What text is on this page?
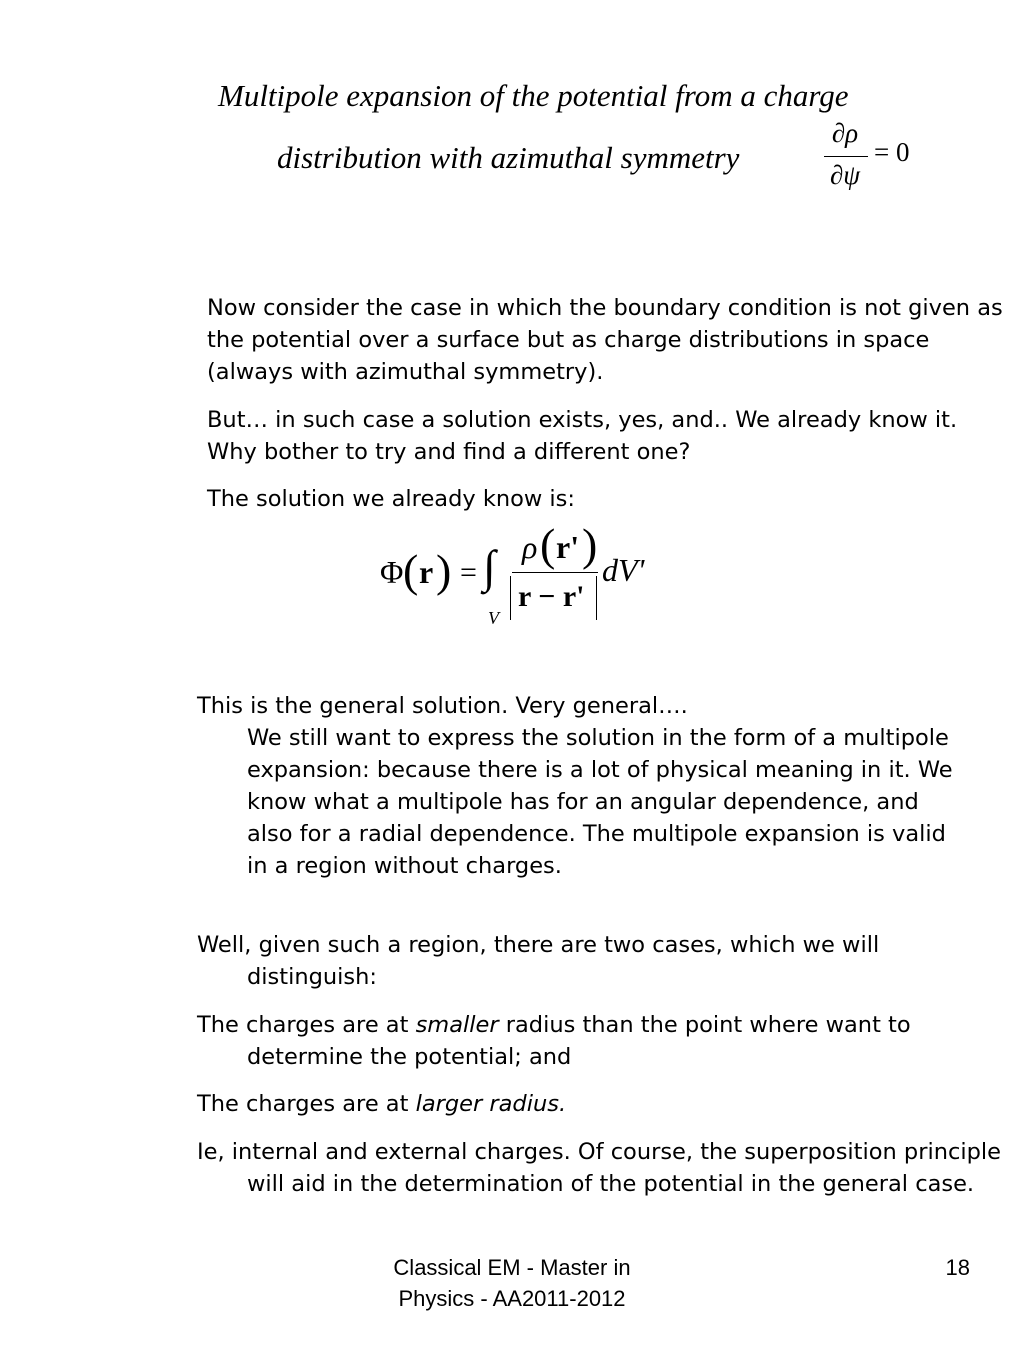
Multipole expansion of the potential from a charge
distribution with azimuthal symmetry
∂ρ
∂ψ
= 0

Now consider the case in which the boundary condition is not given as the potential over a surface but as charge distributions in space (always with azimuthal symmetry).

But… in such case a solution exists, yes, and.. We already know it. Why bother to try and find a different one?

The solution we already know is:

Φ ( r ) = ∫
V
ρ ( r' )
r − r'
dV'

This is the general solution. Very general….

We still want to express the solution in the form of a multipole expansion: because there is a lot of physical meaning in it. We know what a multipole has for an angular dependence, and also for a radial dependence. The multipole expansion is valid in a region without charges.

Well, given such a region, there are two cases, which we will distinguish:

The charges are at smaller radius than the point where want to determine the potential; and

The charges are at larger radius.

Ie, internal and external charges. Of course, the superposition principle will aid in the determination of the potential in the general case.

Classical EM - Master in
Physics - AA2011-2012
18
